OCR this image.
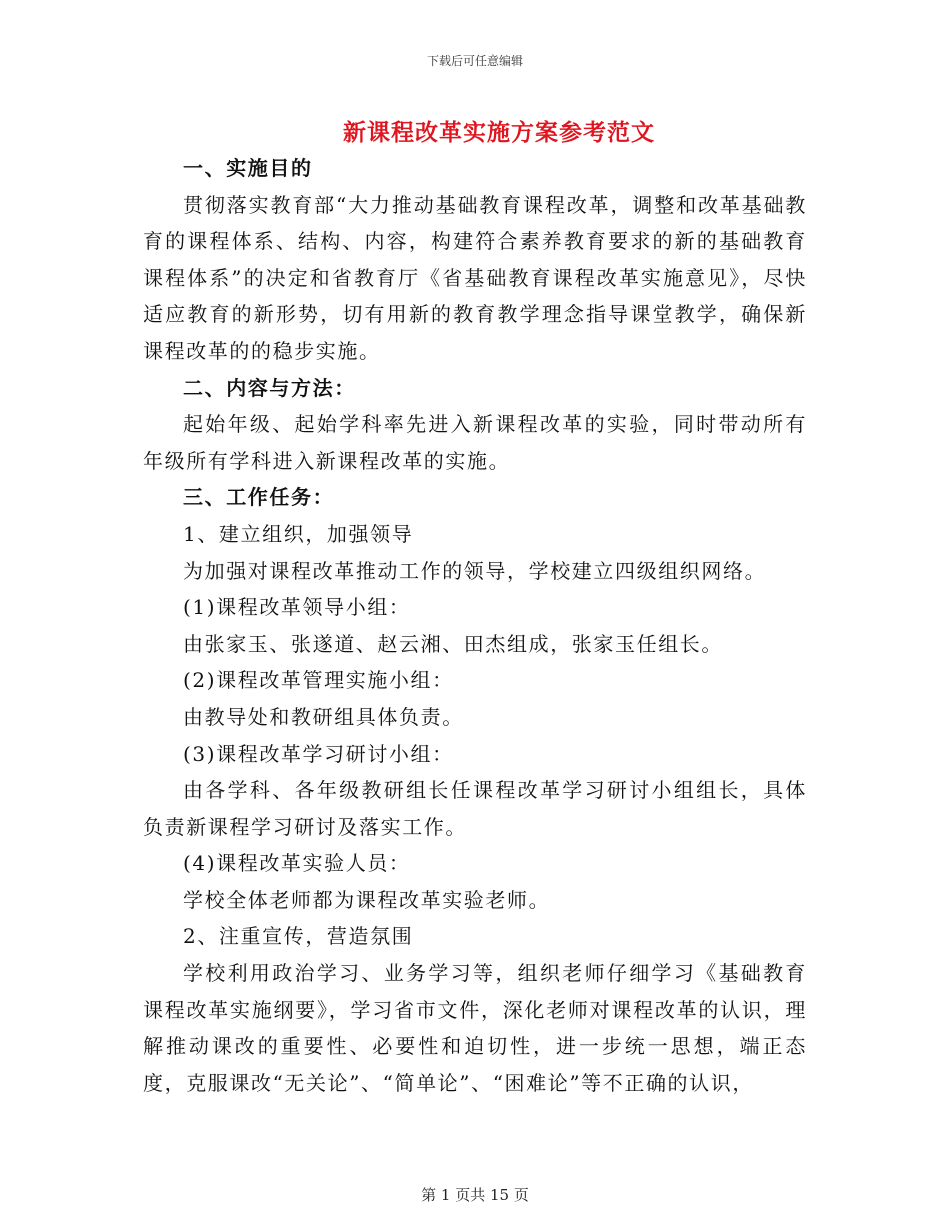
下载后可任意编辑
新课程改革实施方案参考范文

一、实施目的

贯彻落实教育部“大力推动基础教育课程改革，调整和改革基础教育的课程体系、结构、内容，构建符合素养教育要求的新的基础教育课程体系”的决定和省教育厅《省基础教育课程改革实施意见》，尽快适应教育的新形势，切有用新的教育教学理念指导课堂教学，确保新课程改革的的稳步实施。

二、内容与方法：

起始年级、起始学科率先进入新课程改革的实验，同时带动所有年级所有学科进入新课程改革的实施。

三、工作任务：

1、建立组织，加强领导

为加强对课程改革推动工作的领导，学校建立四级组织网络。

(1)课程改革领导小组：

由张家玉、张遂道、赵云湘、田杰组成，张家玉任组长。

(2)课程改革管理实施小组：

由教导处和教研组具体负责。

(3)课程改革学习研讨小组：

由各学科、各年级教研组长任课程改革学习研讨小组组长，具体负责新课程学习研讨及落实工作。

(4)课程改革实验人员：

学校全体老师都为课程改革实验老师。

2、注重宣传，营造氛围

学校利用政治学习、业务学习等，组织老师仔细学习《基础教育课程改革实施纲要》，学习省市文件，深化老师对课程改革的认识，理解推动课改的重要性、必要性和迫切性，进一步统一思想，端正态度，克服课改“无关论”、“简单论”、“困难论”等不正确的认识，

第 1 页共 15 页
